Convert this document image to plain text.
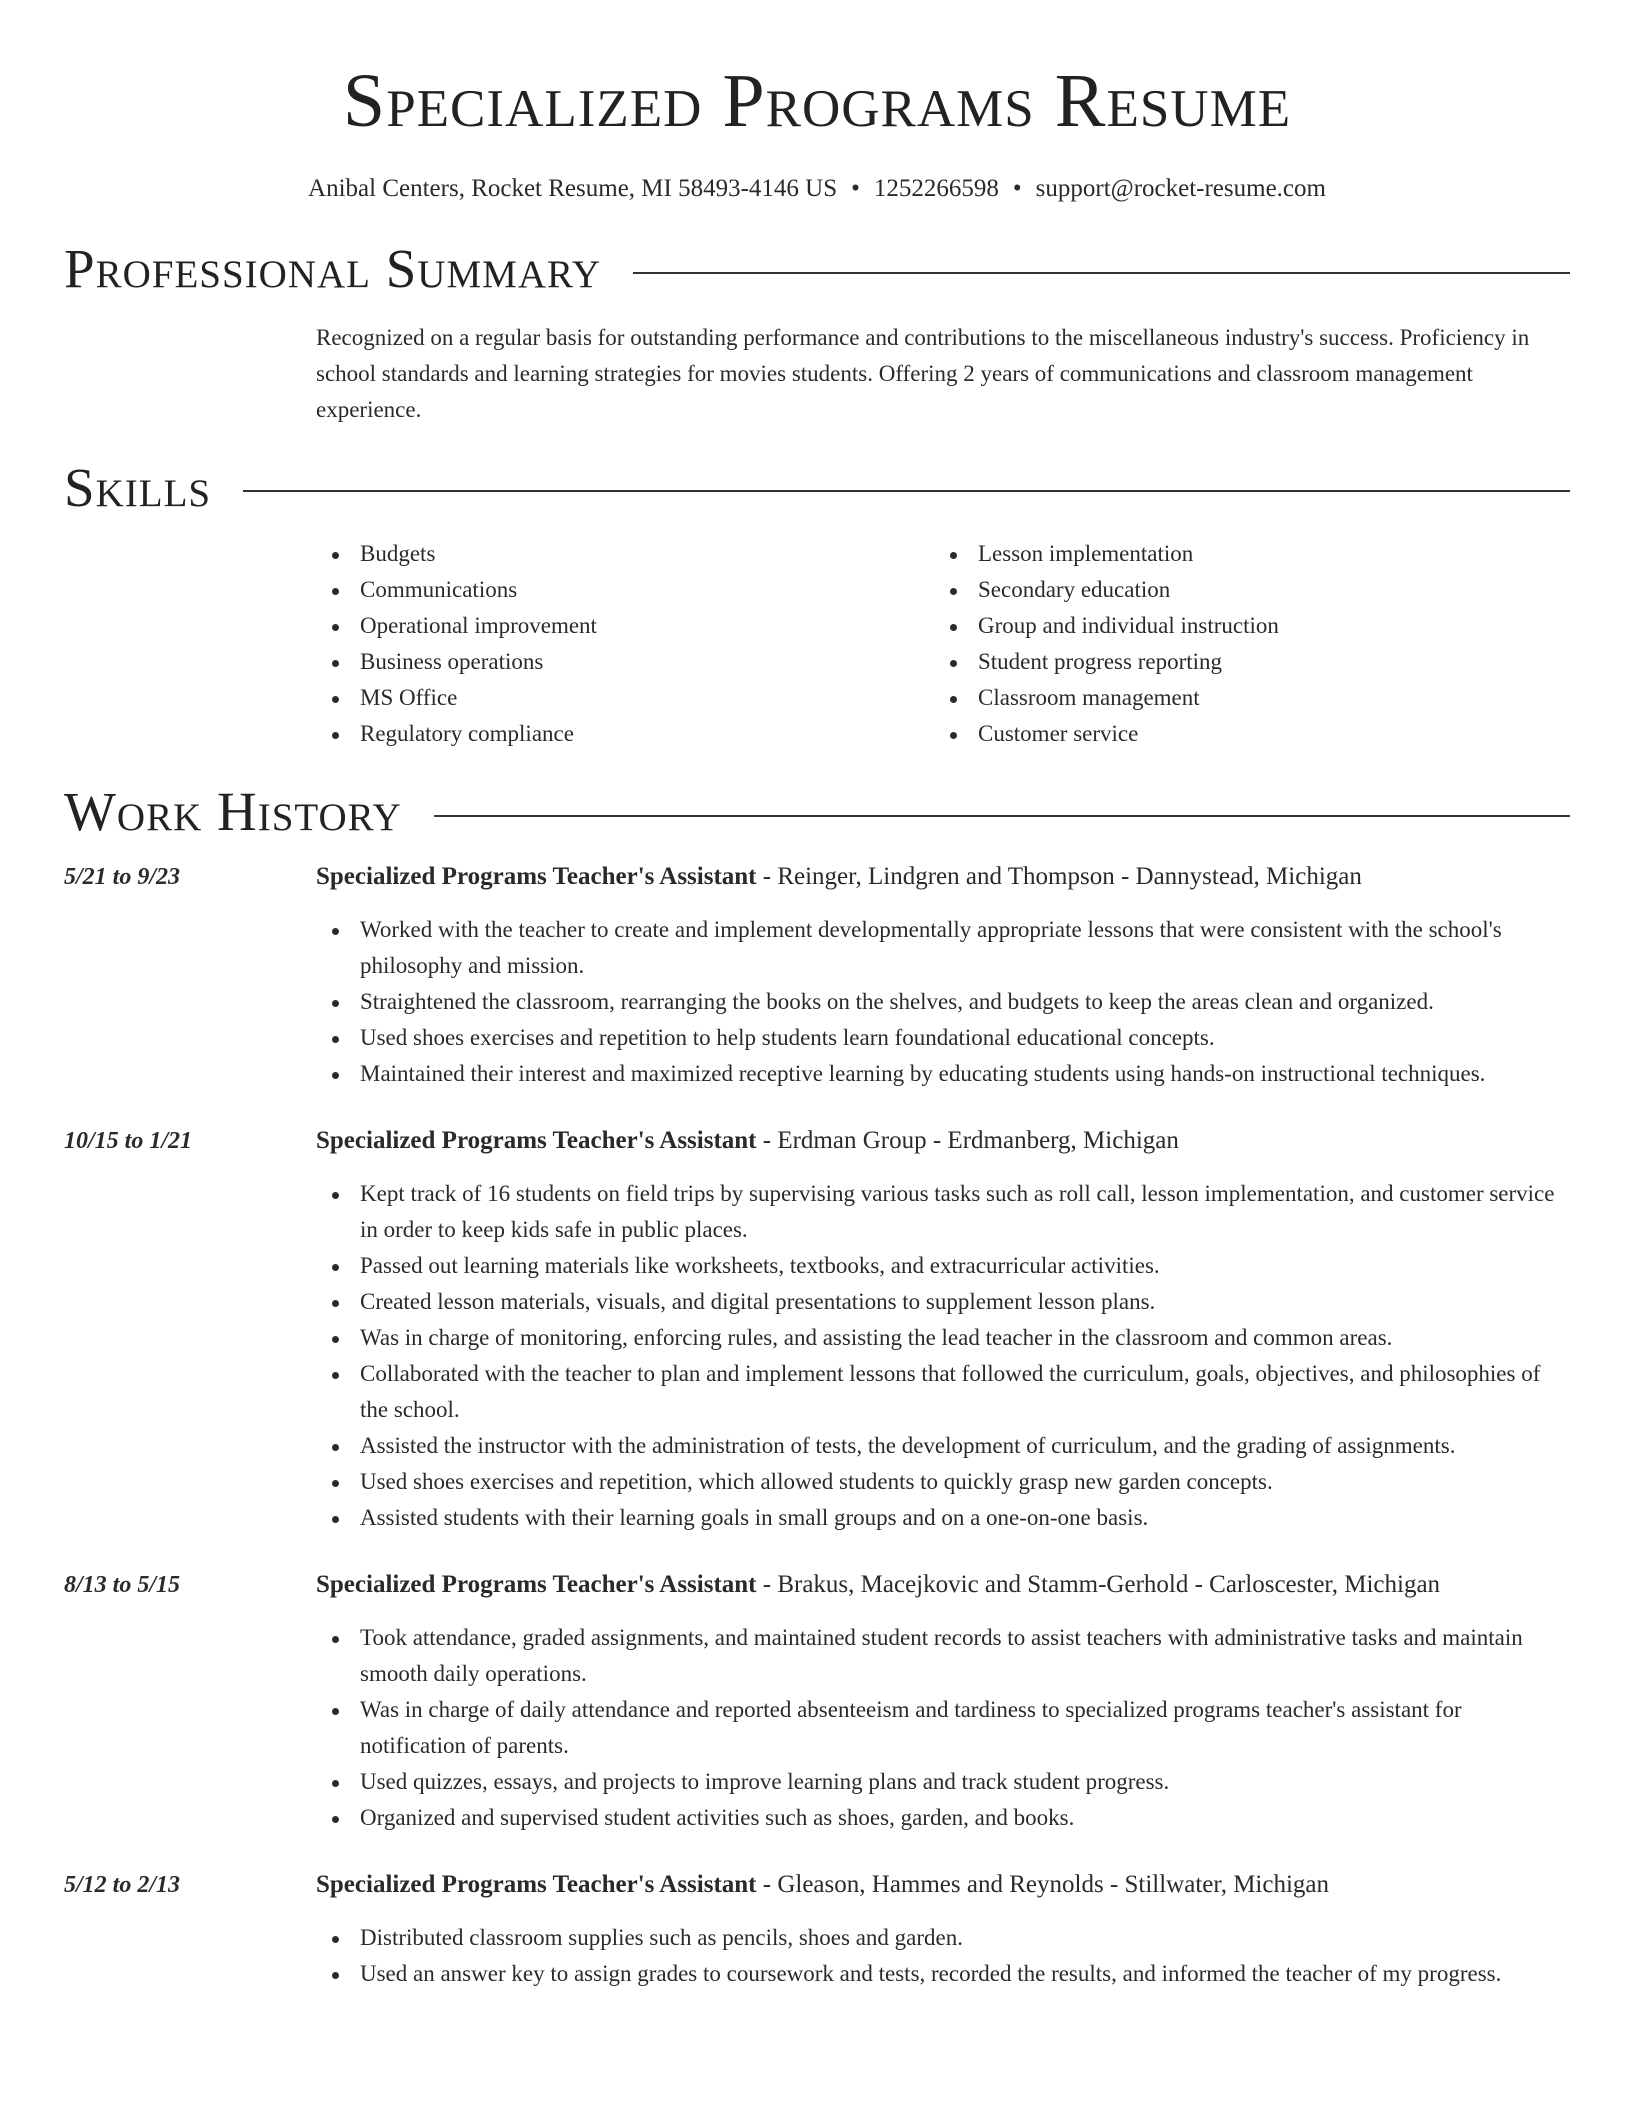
Specialized Programs Resume
Anibal Centers, Rocket Resume, MI 58493-4146 US • 1252266598 • support@rocket-resume.com
Professional Summary

Recognized on a regular basis for outstanding performance and contributions to the miscellaneous industry's success. Proficiency in school standards and learning strategies for movies students. Offering 2 years of communications and classroom management experience.

Skills
Budgets
Communications
Operational improvement
Business operations
MS Office
Regulatory compliance
Lesson implementation
Secondary education
Group and individual instruction
Student progress reporting
Classroom management
Customer service
Work History
5/21 to 9/23	Specialized Programs Teacher's Assistant - Reinger, Lindgren and Thompson - Dannystead, Michigan
Worked with the teacher to create and implement developmentally appropriate lessons that were consistent with the school's philosophy and mission.
Straightened the classroom, rearranging the books on the shelves, and budgets to keep the areas clean and organized.
Used shoes exercises and repetition to help students learn foundational educational concepts.
Maintained their interest and maximized receptive learning by educating students using hands-on instructional techniques.
10/15 to 1/21	Specialized Programs Teacher's Assistant - Erdman Group - Erdmanberg, Michigan
Kept track of 16 students on field trips by supervising various tasks such as roll call, lesson implementation, and customer service in order to keep kids safe in public places.
Passed out learning materials like worksheets, textbooks, and extracurricular activities.
Created lesson materials, visuals, and digital presentations to supplement lesson plans.
Was in charge of monitoring, enforcing rules, and assisting the lead teacher in the classroom and common areas.
Collaborated with the teacher to plan and implement lessons that followed the curriculum, goals, objectives, and philosophies of the school.
Assisted the instructor with the administration of tests, the development of curriculum, and the grading of assignments.
Used shoes exercises and repetition, which allowed students to quickly grasp new garden concepts.
Assisted students with their learning goals in small groups and on a one-on-one basis.
8/13 to 5/15	Specialized Programs Teacher's Assistant - Brakus, Macejkovic and Stamm-Gerhold - Carloscester, Michigan
Took attendance, graded assignments, and maintained student records to assist teachers with administrative tasks and maintain smooth daily operations.
Was in charge of daily attendance and reported absenteeism and tardiness to specialized programs teacher's assistant for notification of parents.
Used quizzes, essays, and projects to improve learning plans and track student progress.
Organized and supervised student activities such as shoes, garden, and books.
5/12 to 2/13	Specialized Programs Teacher's Assistant - Gleason, Hammes and Reynolds - Stillwater, Michigan
Distributed classroom supplies such as pencils, shoes and garden.
Used an answer key to assign grades to coursework and tests, recorded the results, and informed the teacher of my progress.
